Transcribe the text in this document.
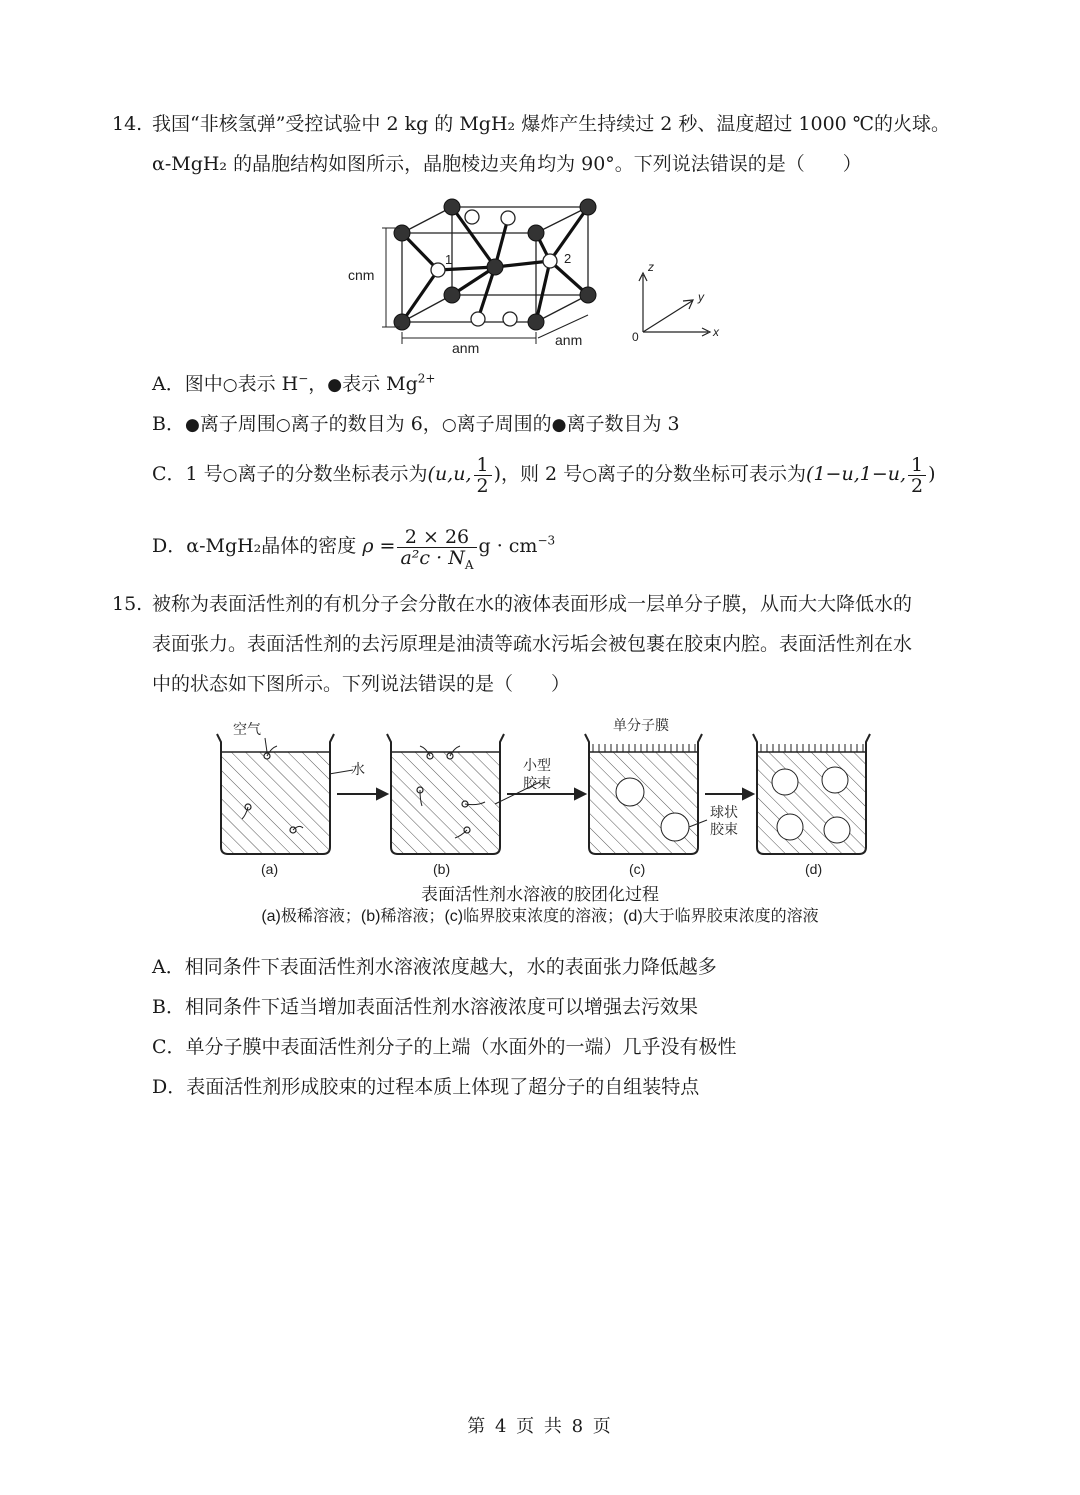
14. 我国“非核氢弹”受控试验中 2 kg 的 MgH₂ 爆炸产生持续过 2 秒、温度超过 1000 ℃的火球。
α-MgH₂ 的晶胞结构如图所示，晶胞棱边夹角均为 90°。下列说法错误的是（　　）
cnm
anm	anm
1	2
z
y
x
0
A．图中○表示 H−，●表示 $Mg^{2+}$
B．●离子周围○离子的数目为 6，○离子周围的●离子数目为 3
C．1 号○离子的分数坐标表示为(u,u, $\frac{1}{2}$ )，则 2 号○离子的分数坐标可表示为(1−u,1−u, $\frac{1}{2}$ )
D．α-MgH₂晶体的密度 $\rho = \frac{2 \times 26}{a^2c \cdot N_A}$ $g \cdot cm^{-3}$
15. 被称为表面活性剂的有机分子会分散在水的液体表面形成一层单分子膜，从而大大降低水的
表面张力。表面活性剂的去污原理是油渍等疏水污垢会被包裹在胶束内腔。表面活性剂在水
中的状态如下图所示。下列说法错误的是（　　）
空气
水	小型
胶束
单分子膜
球状
胶束
(a)	(b)	(c)	(d)
表面活性剂水溶液的胶团化过程
(a)极稀溶液；(b)稀溶液；(c)临界胶束浓度的溶液；(d)大于临界胶束浓度的溶液
A．相同条件下表面活性剂水溶液浓度越大，水的表面张力降低越多
B．相同条件下适当增加表面活性剂水溶液浓度可以增强去污效果
C．单分子膜中表面活性剂分子的上端（水面外的一端）几乎没有极性
D．表面活性剂形成胶束的过程本质上体现了超分子的自组装特点
第 4 页 共 8 页
